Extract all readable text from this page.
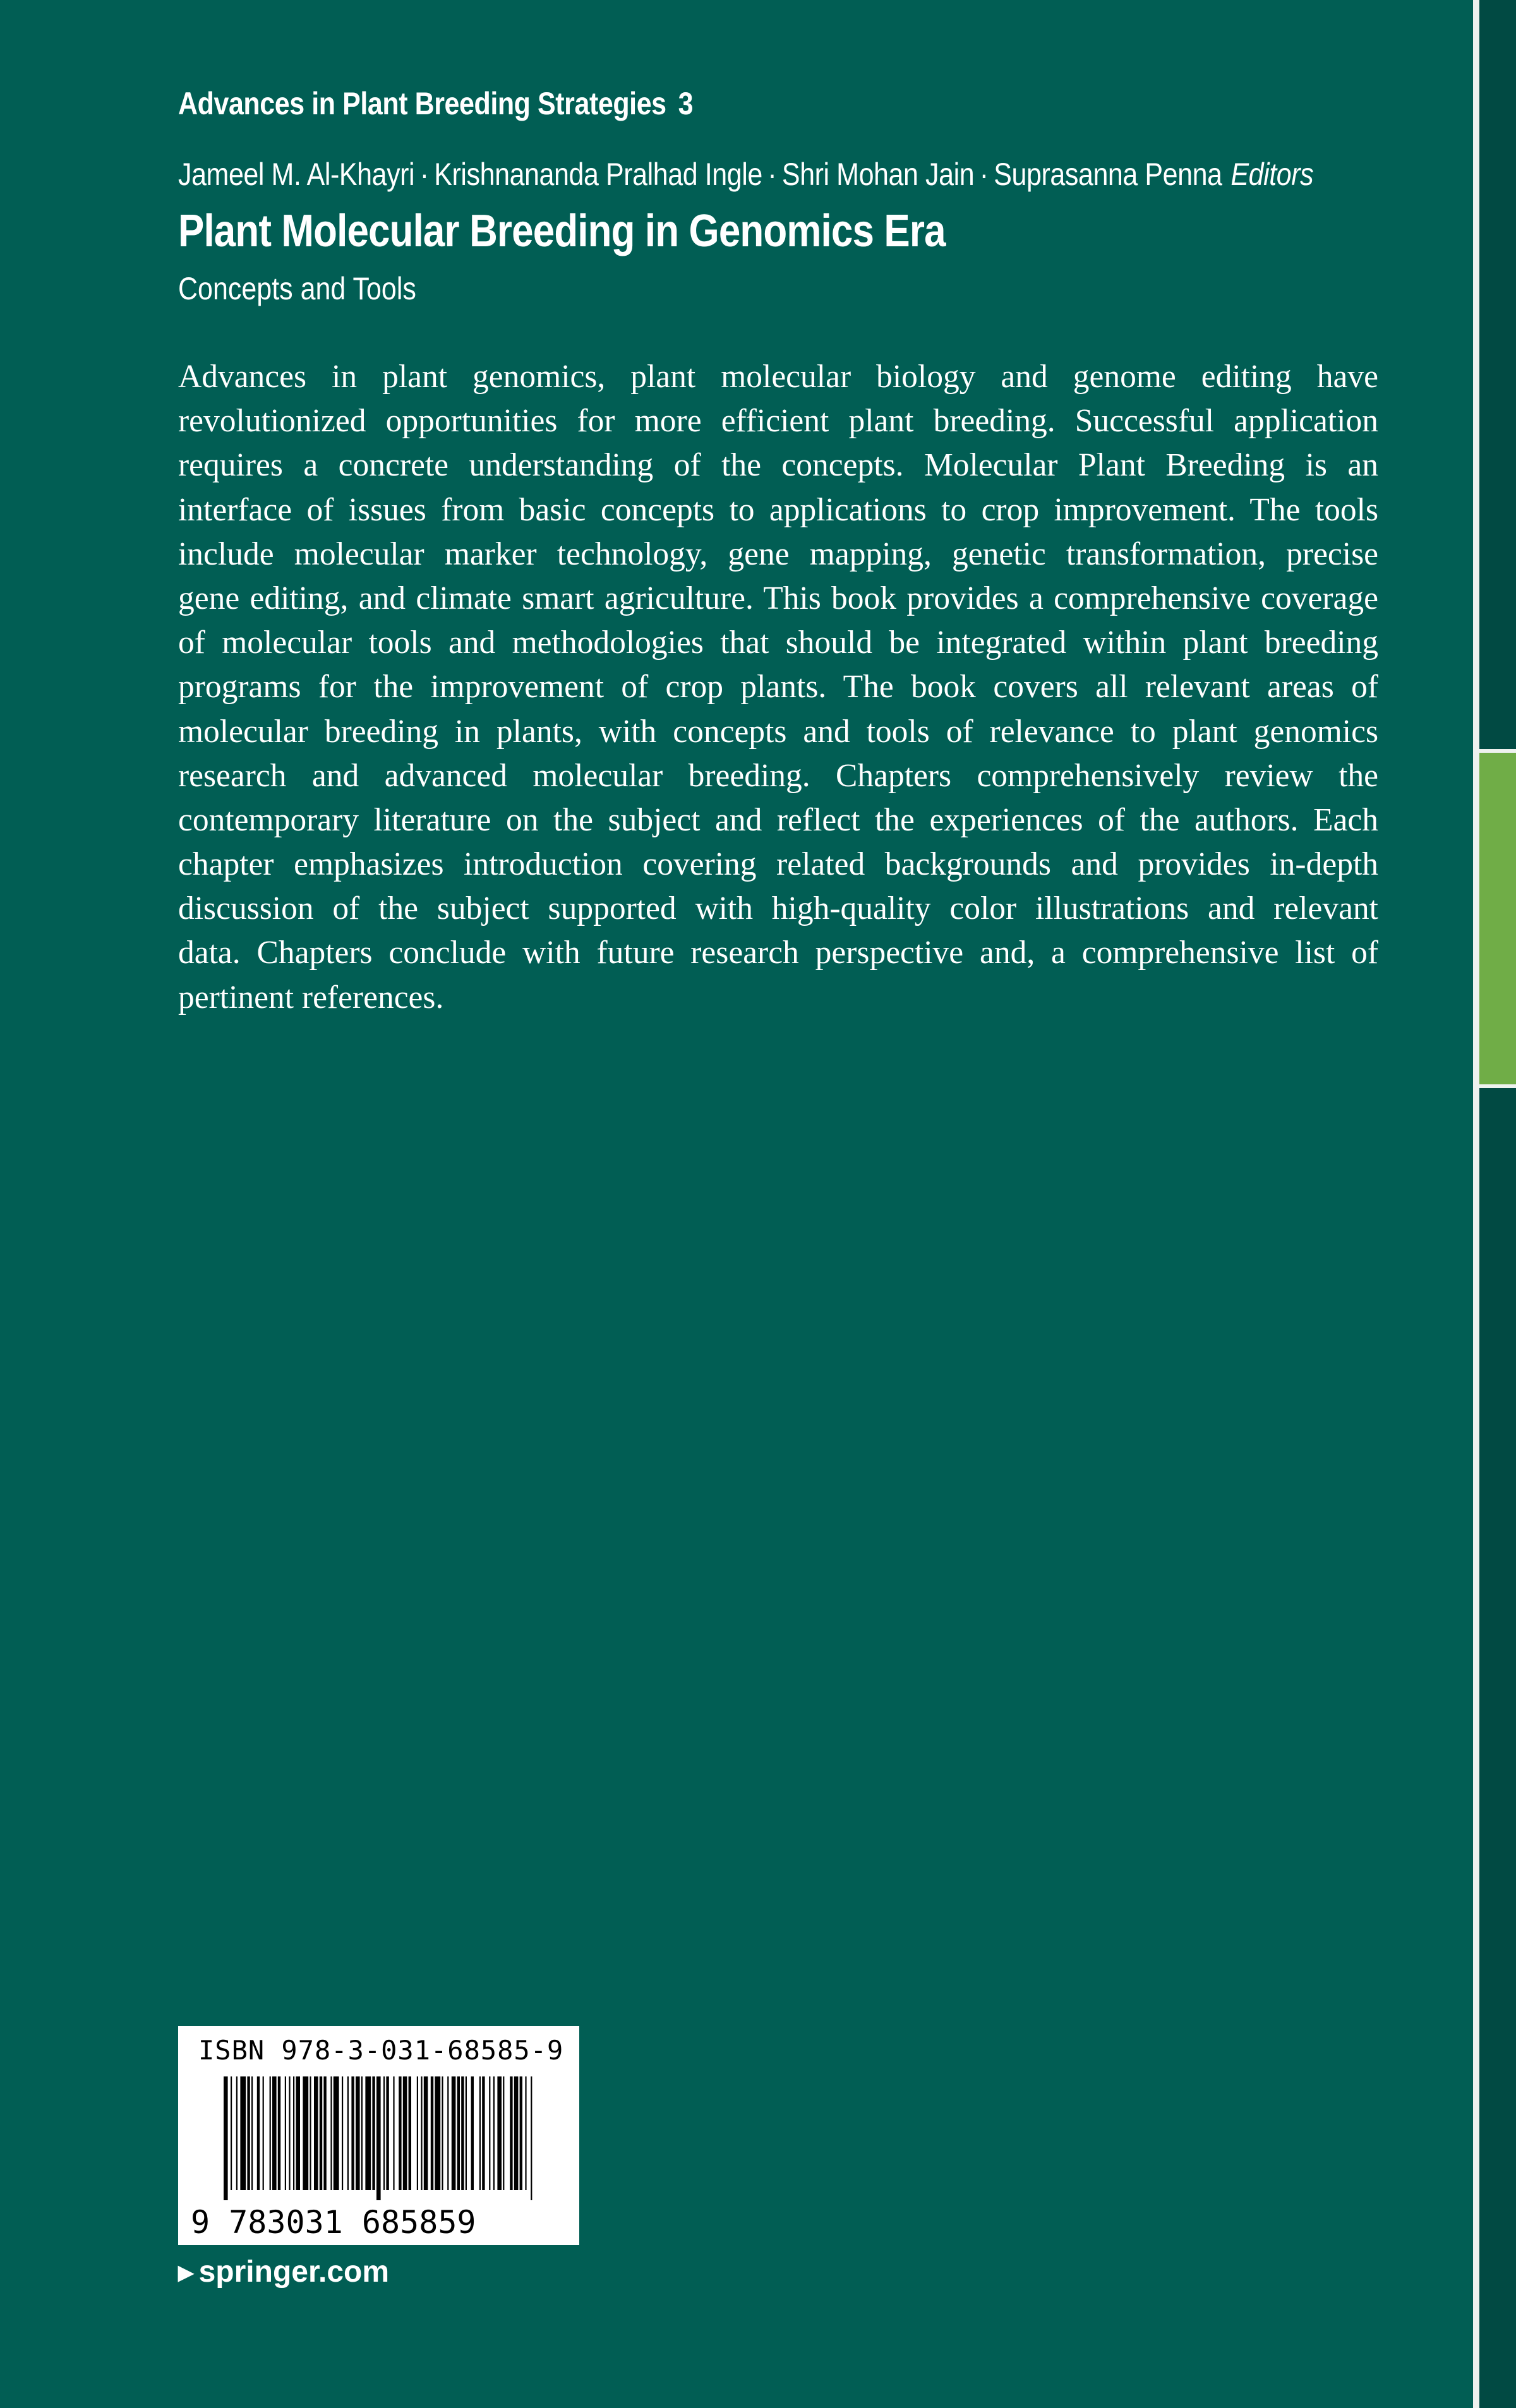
Advances in Plant Breeding Strategies 3
Jameel M. Al-Khayri · Krishnananda Pralhad Ingle · Shri Mohan Jain · Suprasanna Penna Editors
Plant Molecular Breeding in Genomics Era
Concepts and Tools
Advances in plant genomics, plant molecular biology and genome editing have
revolutionized opportunities for more efficient plant breeding. Successful application
requires a concrete understanding of the concepts. Molecular Plant Breeding is an
interface of issues from basic concepts to applications to crop improvement. The tools
include molecular marker technology, gene mapping, genetic transformation, precise
gene editing, and climate smart agriculture. This book provides a comprehensive coverage
of molecular tools and methodologies that should be integrated within plant breeding
programs for the improvement of crop plants. The book covers all relevant areas of
molecular breeding in plants, with concepts and tools of relevance to plant genomics
research and advanced molecular breeding. Chapters comprehensively review the
contemporary literature on the subject and reflect the experiences of the authors. Each
chapter emphasizes introduction covering related backgrounds and provides in-depth
discussion of the subject supported with high-quality color illustrations and relevant
data. Chapters conclude with future research perspective and, a comprehensive list of
pertinent references.
ISBN 978-3-031-68585-9
9 783031 685859
▶ springer.com
